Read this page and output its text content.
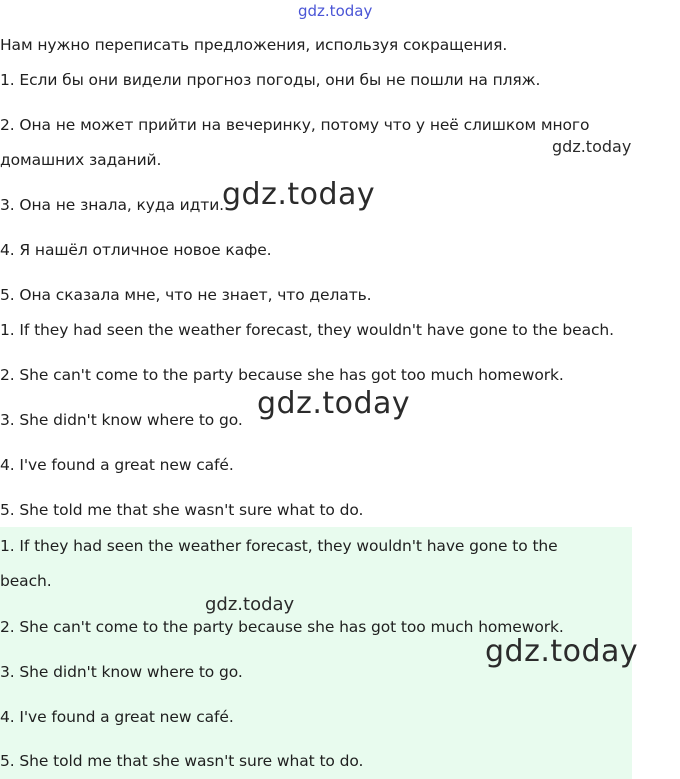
gdz.today

Нам нужно переписать предложения, используя сокращения.

1. Если бы они видели прогноз погоды, они бы не пошли на пляж.

2. Она не может прийти на вечеринку, потому что у неё слишком много

домашних заданий.

3. Она не знала, куда идти.

4. Я нашёл отличное новое кафе.

5. Она сказала мне, что не знает, что делать.

1. If they had seen the weather forecast, they wouldn't have gone to the beach.

2. She can't come to the party because she has got too much homework.

3. She didn't know where to go.

4. I've found a great new café.

5. She told me that she wasn't sure what to do.

1. If they had seen the weather forecast, they wouldn't have gone to the

beach.

2. She can't come to the party because she has got too much homework.

3. She didn't know where to go.

4. I've found a great new café.

5. She told me that she wasn't sure what to do.

gdz.today
gdz.today
gdz.today
gdz.today
gdz.today
